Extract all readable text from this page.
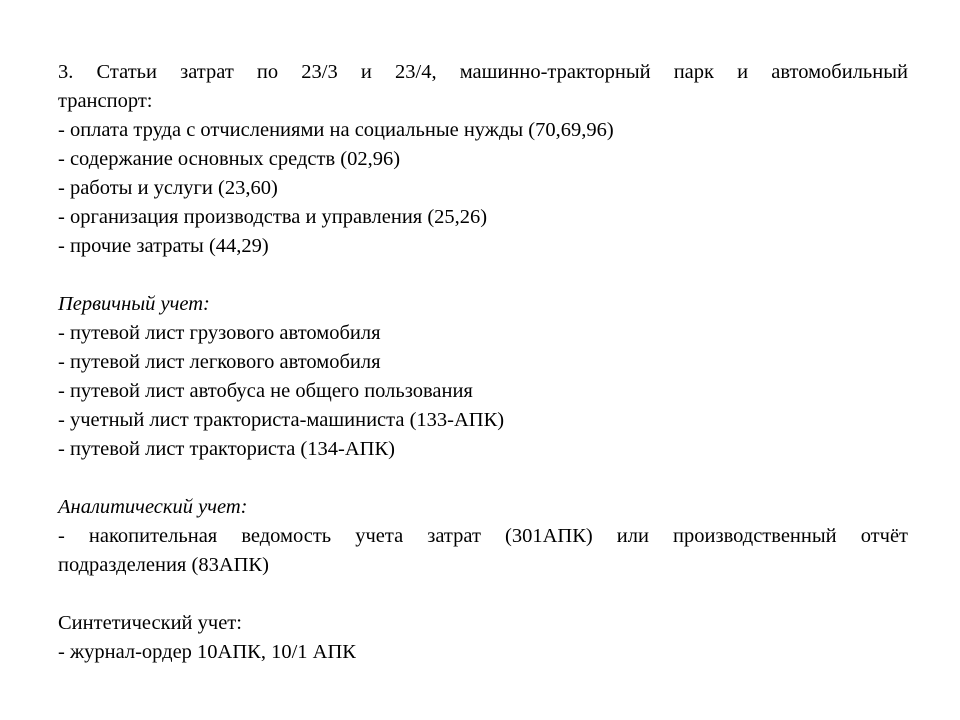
3. Статьи затрат по 23/3 и 23/4, машинно-тракторный парк и автомобильный
транспорт:
- оплата труда с отчислениями на социальные нужды (70,69,96)
- содержание основных средств (02,96)
- работы и услуги (23,60)
- организация производства и управления (25,26)
- прочие затраты (44,29)
Первичный учет:
- путевой лист грузового автомобиля
- путевой лист легкового автомобиля
- путевой лист автобуса не общего пользования
- учетный лист тракториста-машиниста (133-АПК)
- путевой лист тракториста (134-АПК)
Аналитический учет:
- накопительная ведомость учета затрат (301АПК) или производственный отчёт
подразделения (83АПК)
Синтетический учет:
- журнал-ордер 10АПК, 10/1 АПК
